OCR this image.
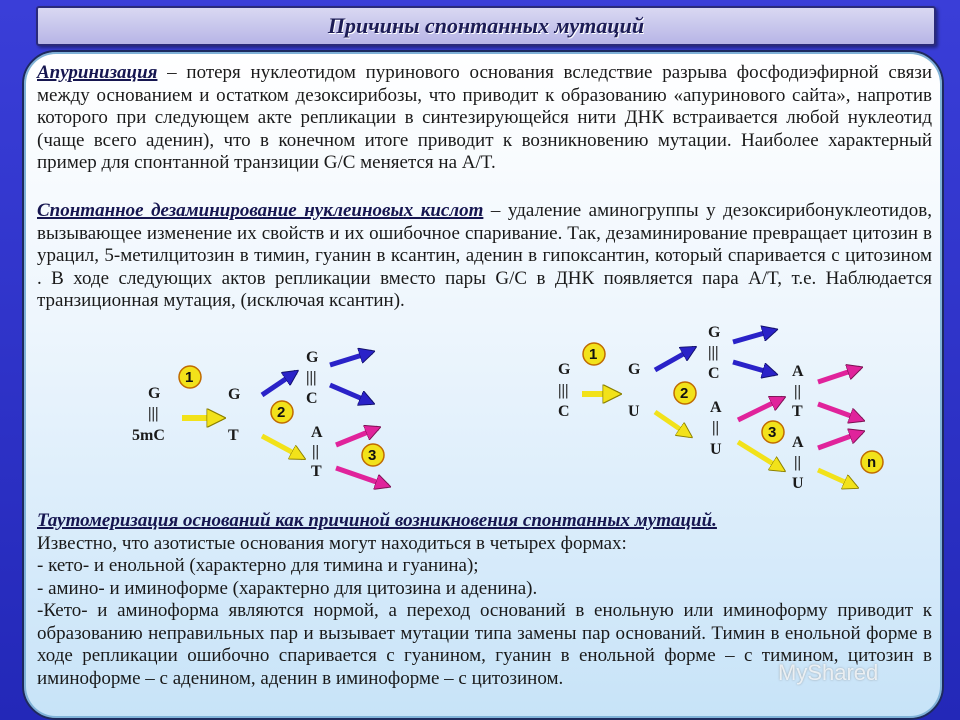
Причины спонтанных мутаций
Апуринизация – потеря нуклеотидом пуринового основания вследствие разрыва фосфодиэфирной связи между основанием и остатком дезоксирибозы, что приводит к образованию «апуринового сайта», напротив которого при следующем акте репликации в синтезирующейся нити ДНК встраивается любой нуклеотид (чаще всего аденин), что в конечном итоге приводит к возникновению мутации. Наиболее характерный пример для спонтанной транзиции G/C меняется на A/T.
Спонтанное дезаминирование нуклеиновых кислот – удаление аминогруппы у дезоксирибонуклеотидов, вызывающее изменение их свойств и их ошибочное спаривание. Так, дезаминирование превращает цитозин в урацил, 5-метилцитозин в тимин, гуанин в ксантин, аденин в гипоксантин, который спаривается с цитозином . В ходе следующих актов репликации вместо пары G/C в ДНК появляется пара A/T, т.е. Наблюдается транзиционная мутация, (исключая ксантин).
G
|||
5mC
1
G
T
2
G
|||
C
A
||
T
3
G
|||
C
1
G
U
2
G
|||
C
A
||
U
3
A
||
T
A
||
U
n
Таутомеризация оснований как причиной возникновения спонтанных мутаций.
Известно, что азотистые основания могут находиться в четырех формах:
- кето- и енольной (характерно для тимина и гуанина);
- амино- и иминоформе (характерно для цитозина и аденина).
-Кето- и аминоформа являются нормой, а переход оснований в енольную или иминоформу приводит к образованию неправильных пар и вызывает мутации типа замены пар оснований. Тимин в енольной форме в ходе репликации ошибочно спаривается с гуанином, гуанин в енольной форме – с тимином, цитозин в иминоформе – с аденином, аденин в иминоформе – с цитозином.	MyShared
